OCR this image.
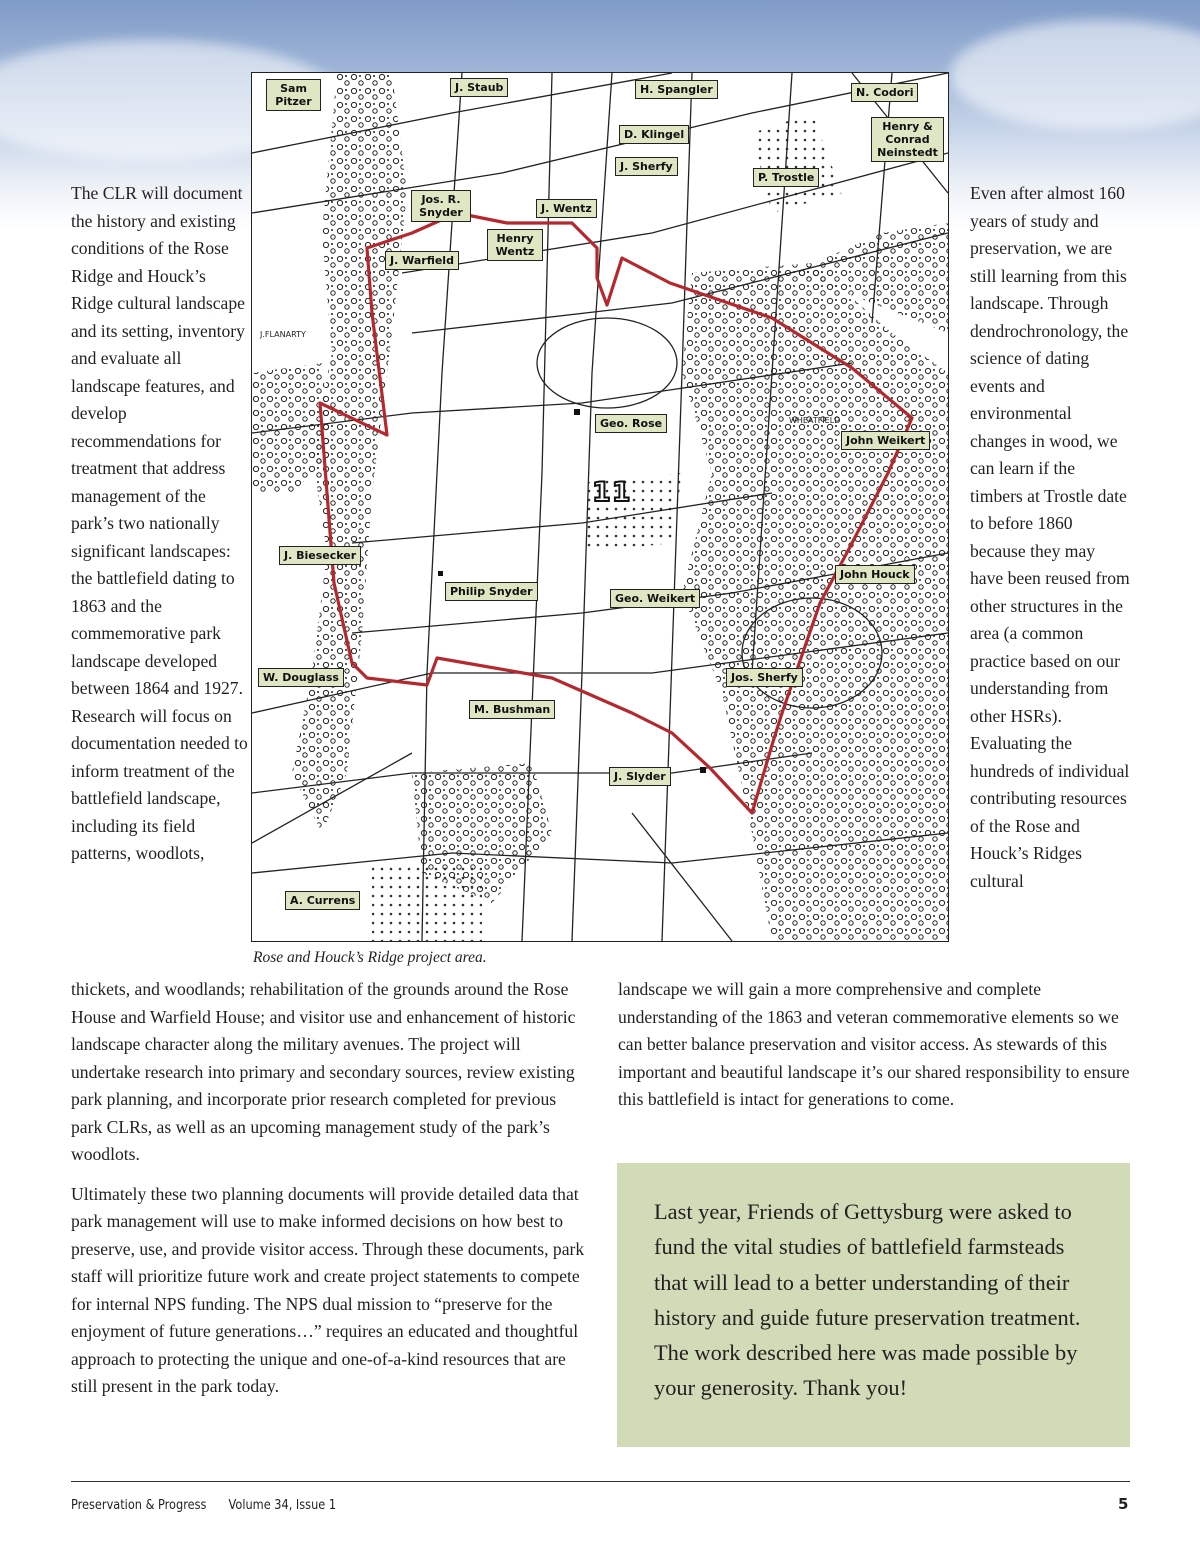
The CLR will document the history and existing conditions of the Rose Ridge and Houck’s Ridge cultural landscape and its setting, inventory and evaluate all landscape features, and develop recommendations for treatment that address management of the park’s two nationally significant landscapes: the battlefield dating to 1863 and the commemorative park landscape developed between 1864 and 1927. Research will focus on documentation needed to inform treatment of the battlefield landscape, including its field patterns, woodlots,

Even after almost 160 years of study and preservation, we are still learning from this landscape. Through dendrochronology, the science of dating events and environmental changes in wood, we can learn if the timbers at Trostle date to before 1860 because they may have been reused from other structures in the area (a common practice based on our understanding from other HSRs). Evaluating the hundreds of individual contributing resources of the Rose and Houck’s Ridges cultural

J.FLANARTY
WHEATFIELD
11
Sam Pitzer
J. Staub	H. Spangler	N. Codori
Henry & Conrad Neinstedt
D. Klingel
J. Sherfy
P. Trostle
Jos. R. Snyder	J. Wentz
Henry Wentz
J. Warfield
Geo. Rose
John Weikert
J. Biesecker
John Houck
Philip Snyder
Geo. Weikert
W. Douglass	Jos. Sherfy
M. Bushman
J. Slyder
A. Currens
Rose and Houck’s Ridge project area.

thickets, and woodlands; rehabilitation of the grounds around the Rose House and Warfield House; and visitor use and enhancement of historic landscape character along the military avenues. The project will undertake research into primary and secondary sources, review existing park planning, and incorporate prior research completed for previous park CLRs, as well as an upcoming management study of the park’s woodlots.

Ultimately these two planning documents will provide detailed data that park management will use to make informed decisions on how best to preserve, use, and provide visitor access. Through these documents, park staff will prioritize future work and create project statements to compete for internal NPS funding. The NPS dual mission to “preserve for the enjoyment of future generations…” requires an educated and thoughtful approach to protecting the unique and one-of-a-kind resources that are still present in the park today.

landscape we will gain a more comprehensive and complete understanding of the 1863 and veteran commemorative elements so we can better balance preservation and visitor access. As stewards of this important and beautiful landscape it’s our shared responsibility to ensure this battlefield is intact for generations to come.

Last year, Friends of Gettysburg were asked to fund the vital studies of battlefield farmsteads that will lead to a better understanding of their history and guide future preservation treatment. The work described here was made possible by your generosity. Thank you!
Preservation & Progress Volume 34, Issue 1	5
